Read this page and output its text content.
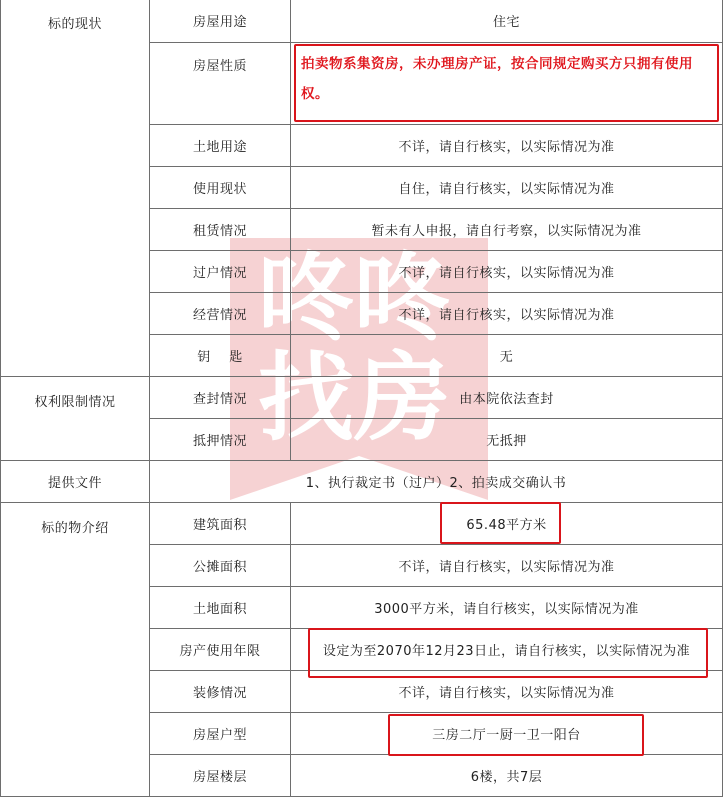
咚咚
找房
标的现状	房屋用途	住宅
	房屋性质	拍卖物系集资房，未办理房产证，按合同规定购买方只拥有使用权。
	土地用途	不详，请自行核实，以实际情况为准
	使用现状	自住，请自行核实，以实际情况为准
	租赁情况	暂未有人申报，请自行考察，以实际情况为准
	过户情况	不详，请自行核实，以实际情况为准
	经营情况	不详，请自行核实，以实际情况为准
	钥    匙	无
权利限制情况	查封情况	由本院依法查封
	抵押情况	无抵押
提供文件	1、执行裁定书（过户）2、拍卖成交确认书	
标的物介绍	建筑面积	65.48平方米
	公摊面积	不详，请自行核实，以实际情况为准
	土地面积	3000平方米，请自行核实，以实际情况为准
	房产使用年限	设定为至2070年12月23日止，请自行核实，以实际情况为准
	装修情况	不详，请自行核实，以实际情况为准
	房屋户型	三房二厅一厨一卫一阳台
	房屋楼层	6楼，共7层
